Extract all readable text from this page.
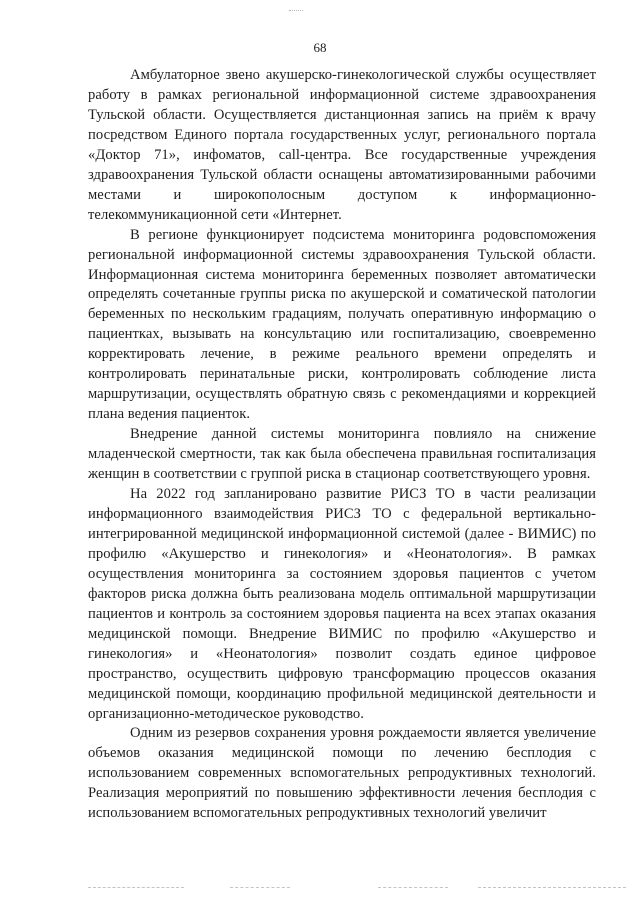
68

Амбулаторное звено акушерско-гинекологической службы осуществляет работу в рамках региональной информационной системе здравоохранения Тульской области. Осуществляется дистанционная запись на приём к врачу посредством Единого портала государственных услуг, регионального портала «Доктор 71», инфоматов, call-центра. Все государственные учреждения здравоохранения Тульской области оснащены автоматизированными рабочими местами и широкополосным доступом к информационно-телекоммуникационной сети «Интернет.

В регионе функционирует подсистема мониторинга родовспоможения региональной информационной системы здравоохранения Тульской области. Информационная система мониторинга беременных позволяет автоматически определять сочетанные группы риска по акушерской и соматической патологии беременных по нескольким градациям, получать оперативную информацию о пациентках, вызывать на консультацию или госпитализацию, своевременно корректировать лечение, в режиме реального времени определять и контролировать перинатальные риски, контролировать соблюдение листа маршрутизации, осуществлять обратную связь с рекомендациями и коррекцией плана ведения пациенток.

Внедрение данной системы мониторинга повлияло на снижение младенческой смертности, так как была обеспечена правильная госпитализация женщин в соответствии с группой риска в стационар соответствующего уровня.

На 2022 год запланировано развитие РИСЗ ТО в части реализации информационного взаимодействия РИСЗ ТО с федеральной вертикально-интегрированной медицинской информационной системой (далее - ВИМИС) по профилю «Акушерство и гинекология» и «Неонатология». В рамках осуществления мониторинга за состоянием здоровья пациентов с учетом факторов риска должна быть реализована модель оптимальной маршрутизации пациентов и контроль за состоянием здоровья пациента на всех этапах оказания медицинской помощи. Внедрение ВИМИС по профилю «Акушерство и гинекология» и «Неонатология» позволит создать единое цифровое пространство, осуществить цифровую трансформацию процессов оказания медицинской помощи, координацию профильной медицинской деятельности и организационно-методическое руководство.

Одним из резервов сохранения уровня рождаемости является увеличение объемов оказания медицинской помощи по лечению бесплодия с использованием современных вспомогательных репродуктивных технологий. Реализация мероприятий по повышению эффективности лечения бесплодия с использованием вспомогательных репродуктивных технологий увеличит
